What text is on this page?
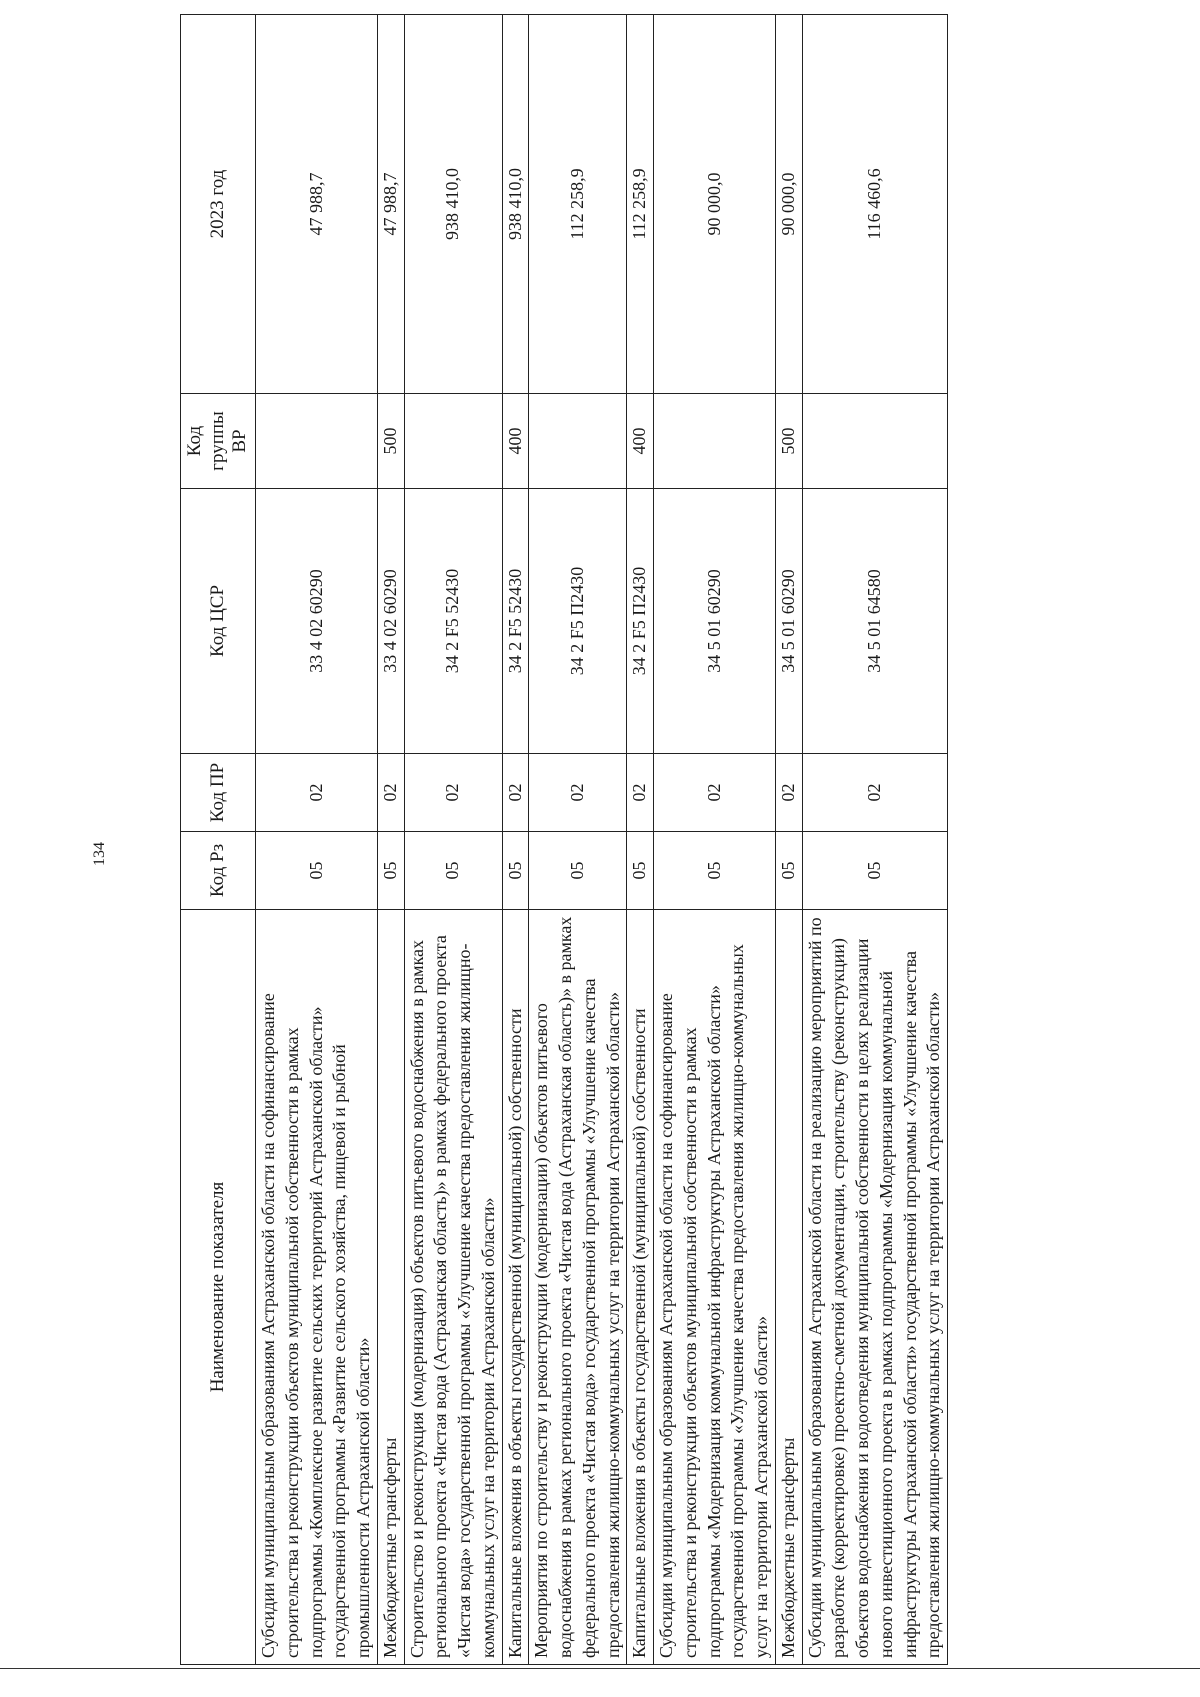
134
Наименование показателя	Код Рз	Код ПР	Код ЦСР	Код группы ВР	2023 год
Субсидии муниципальным образованиям Астраханской области на софинансирование строительства и реконструкции объектов муниципальной собственности в рамках подпрограммы «Комплексное развитие сельских территорий Астраханской области» государственной программы «Развитие сельского хозяйства, пищевой и рыбной промышленности Астраханской области»	05	02	33 4 02 60290		47 988,7
Межбюджетные трансферты	05	02	33 4 02 60290	500	47 988,7
Строительство и реконструкция (модернизация) объектов питьевого водоснабжения в рамках регионального проекта «Чистая вода (Астраханская область)» в рамках федерального проекта «Чистая вода» государственной программы «Улучшение качества предоставления жилищно-коммунальных услуг на территории Астраханской области»	05	02	34 2 F5 52430		938 410,0
Капитальные вложения в объекты государственной (муниципальной) собственности	05	02	34 2 F5 52430	400	938 410,0
Мероприятия по строительству и реконструкции (модернизации) объектов питьевого водоснабжения в рамках регионального проекта «Чистая вода (Астраханская область)» в рамках федерального проекта «Чистая вода» государственной программы «Улучшение качества предоставления жилищно-коммунальных услуг на территории Астраханской области»	05	02	34 2 F5 П2430		112 258,9
Капитальные вложения в объекты государственной (муниципальной) собственности	05	02	34 2 F5 П2430	400	112 258,9
Субсидии муниципальным образованиям Астраханской области на софинансирование строительства и реконструкции объектов муниципальной собственности в рамках подпрограммы «Модернизация коммунальной инфраструктуры Астраханской области» государственной программы «Улучшение качества предоставления жилищно-коммунальных услуг на территории Астраханской области»	05	02	34 5 01 60290		90 000,0
Межбюджетные трансферты	05	02	34 5 01 60290	500	90 000,0
Субсидии муниципальным образованиям Астраханской области на реализацию мероприятий по разработке (корректировке) проектно-сметной документации, строительству (реконструкции) объектов водоснабжения и водоотведения муниципальной собственности в целях реализации нового инвестиционного проекта в рамках подпрограммы «Модернизация коммунальной инфраструктуры Астраханской области» государственной программы «Улучшение качества предоставления жилищно-коммунальных услуг на территории Астраханской области»	05	02	34 5 01 64580		116 460,6
